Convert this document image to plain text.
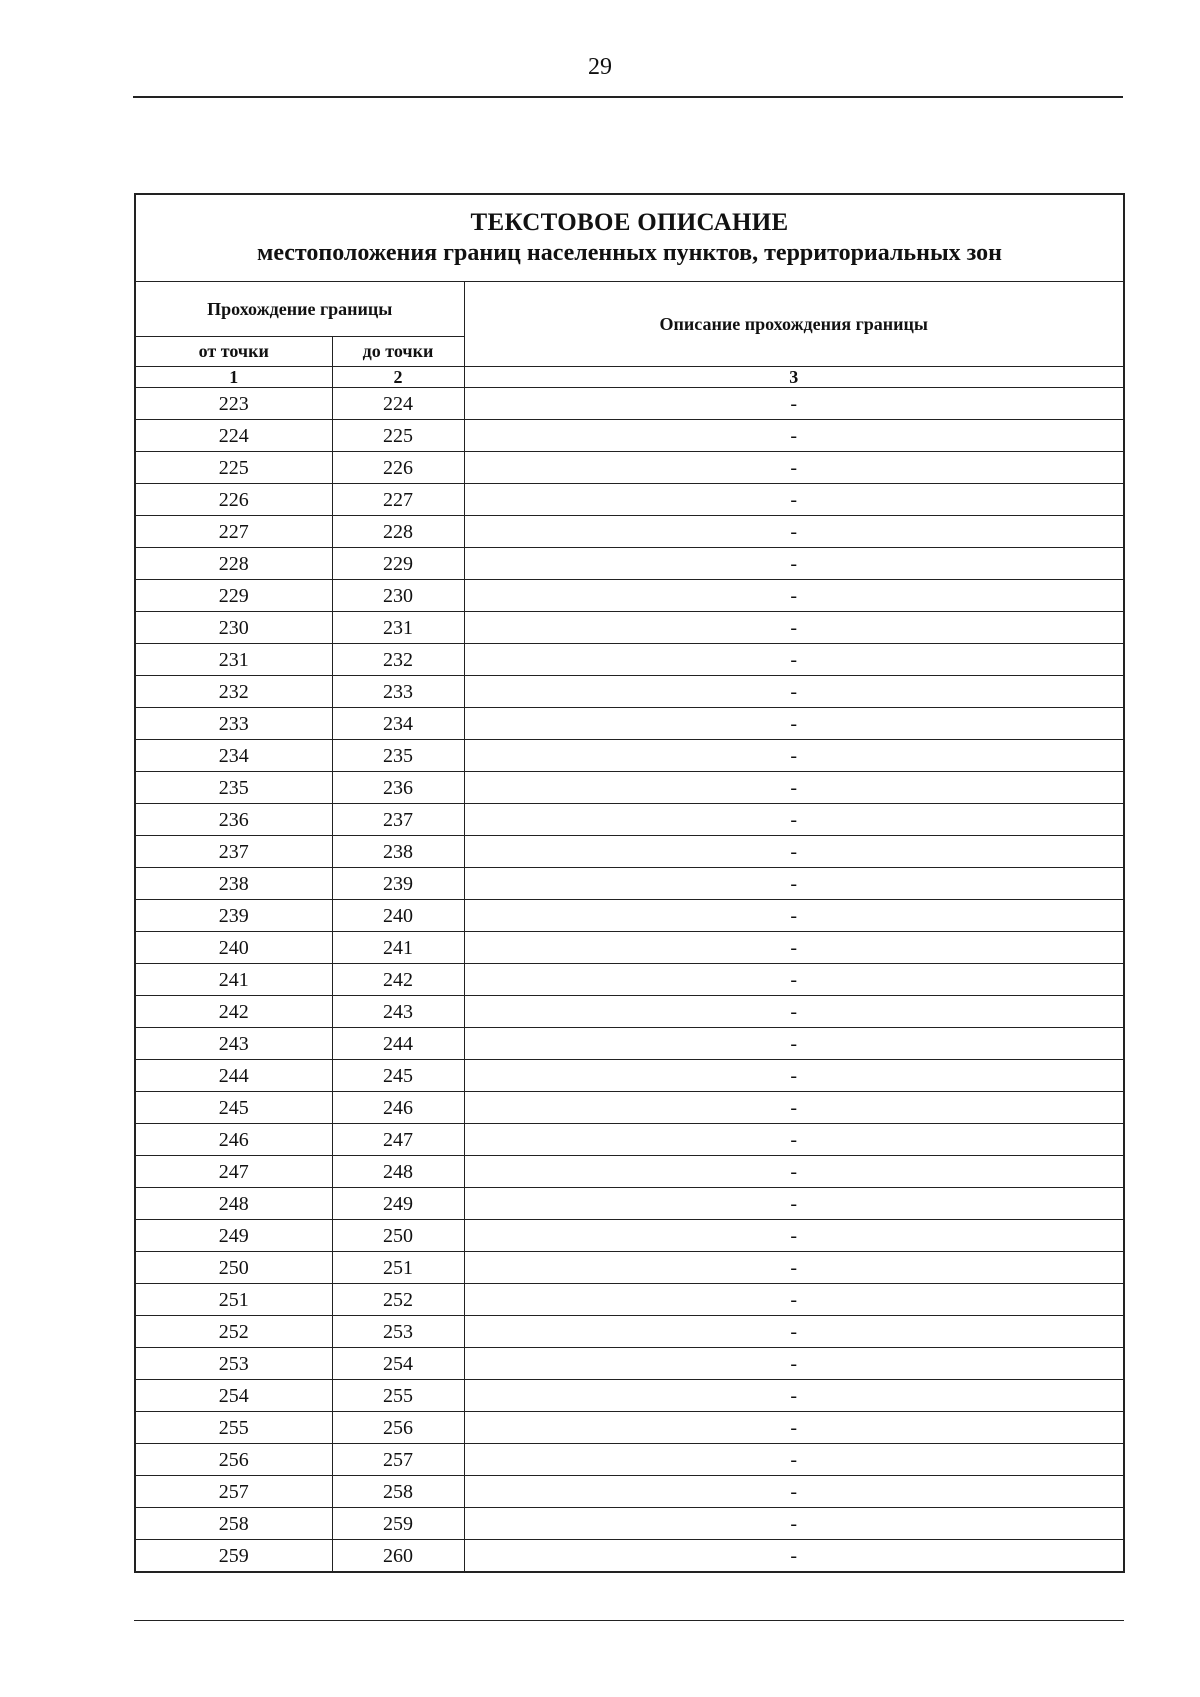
29
ТЕКСТОВОЕ ОПИСАНИЕ
местоположения границ населенных пунктов, территориальных зон		

Прохождение границы		Описание прохождения границы
от точки	до точки	
1	2	3
223	224	-
224	225	-
225	226	-
226	227	-
227	228	-
228	229	-
229	230	-
230	231	-
231	232	-
232	233	-
233	234	-
234	235	-
235	236	-
236	237	-
237	238	-
238	239	-
239	240	-
240	241	-
241	242	-
242	243	-
243	244	-
244	245	-
245	246	-
246	247	-
247	248	-
248	249	-
249	250	-
250	251	-
251	252	-
252	253	-
253	254	-
254	255	-
255	256	-
256	257	-
257	258	-
258	259	-
259	260	-
